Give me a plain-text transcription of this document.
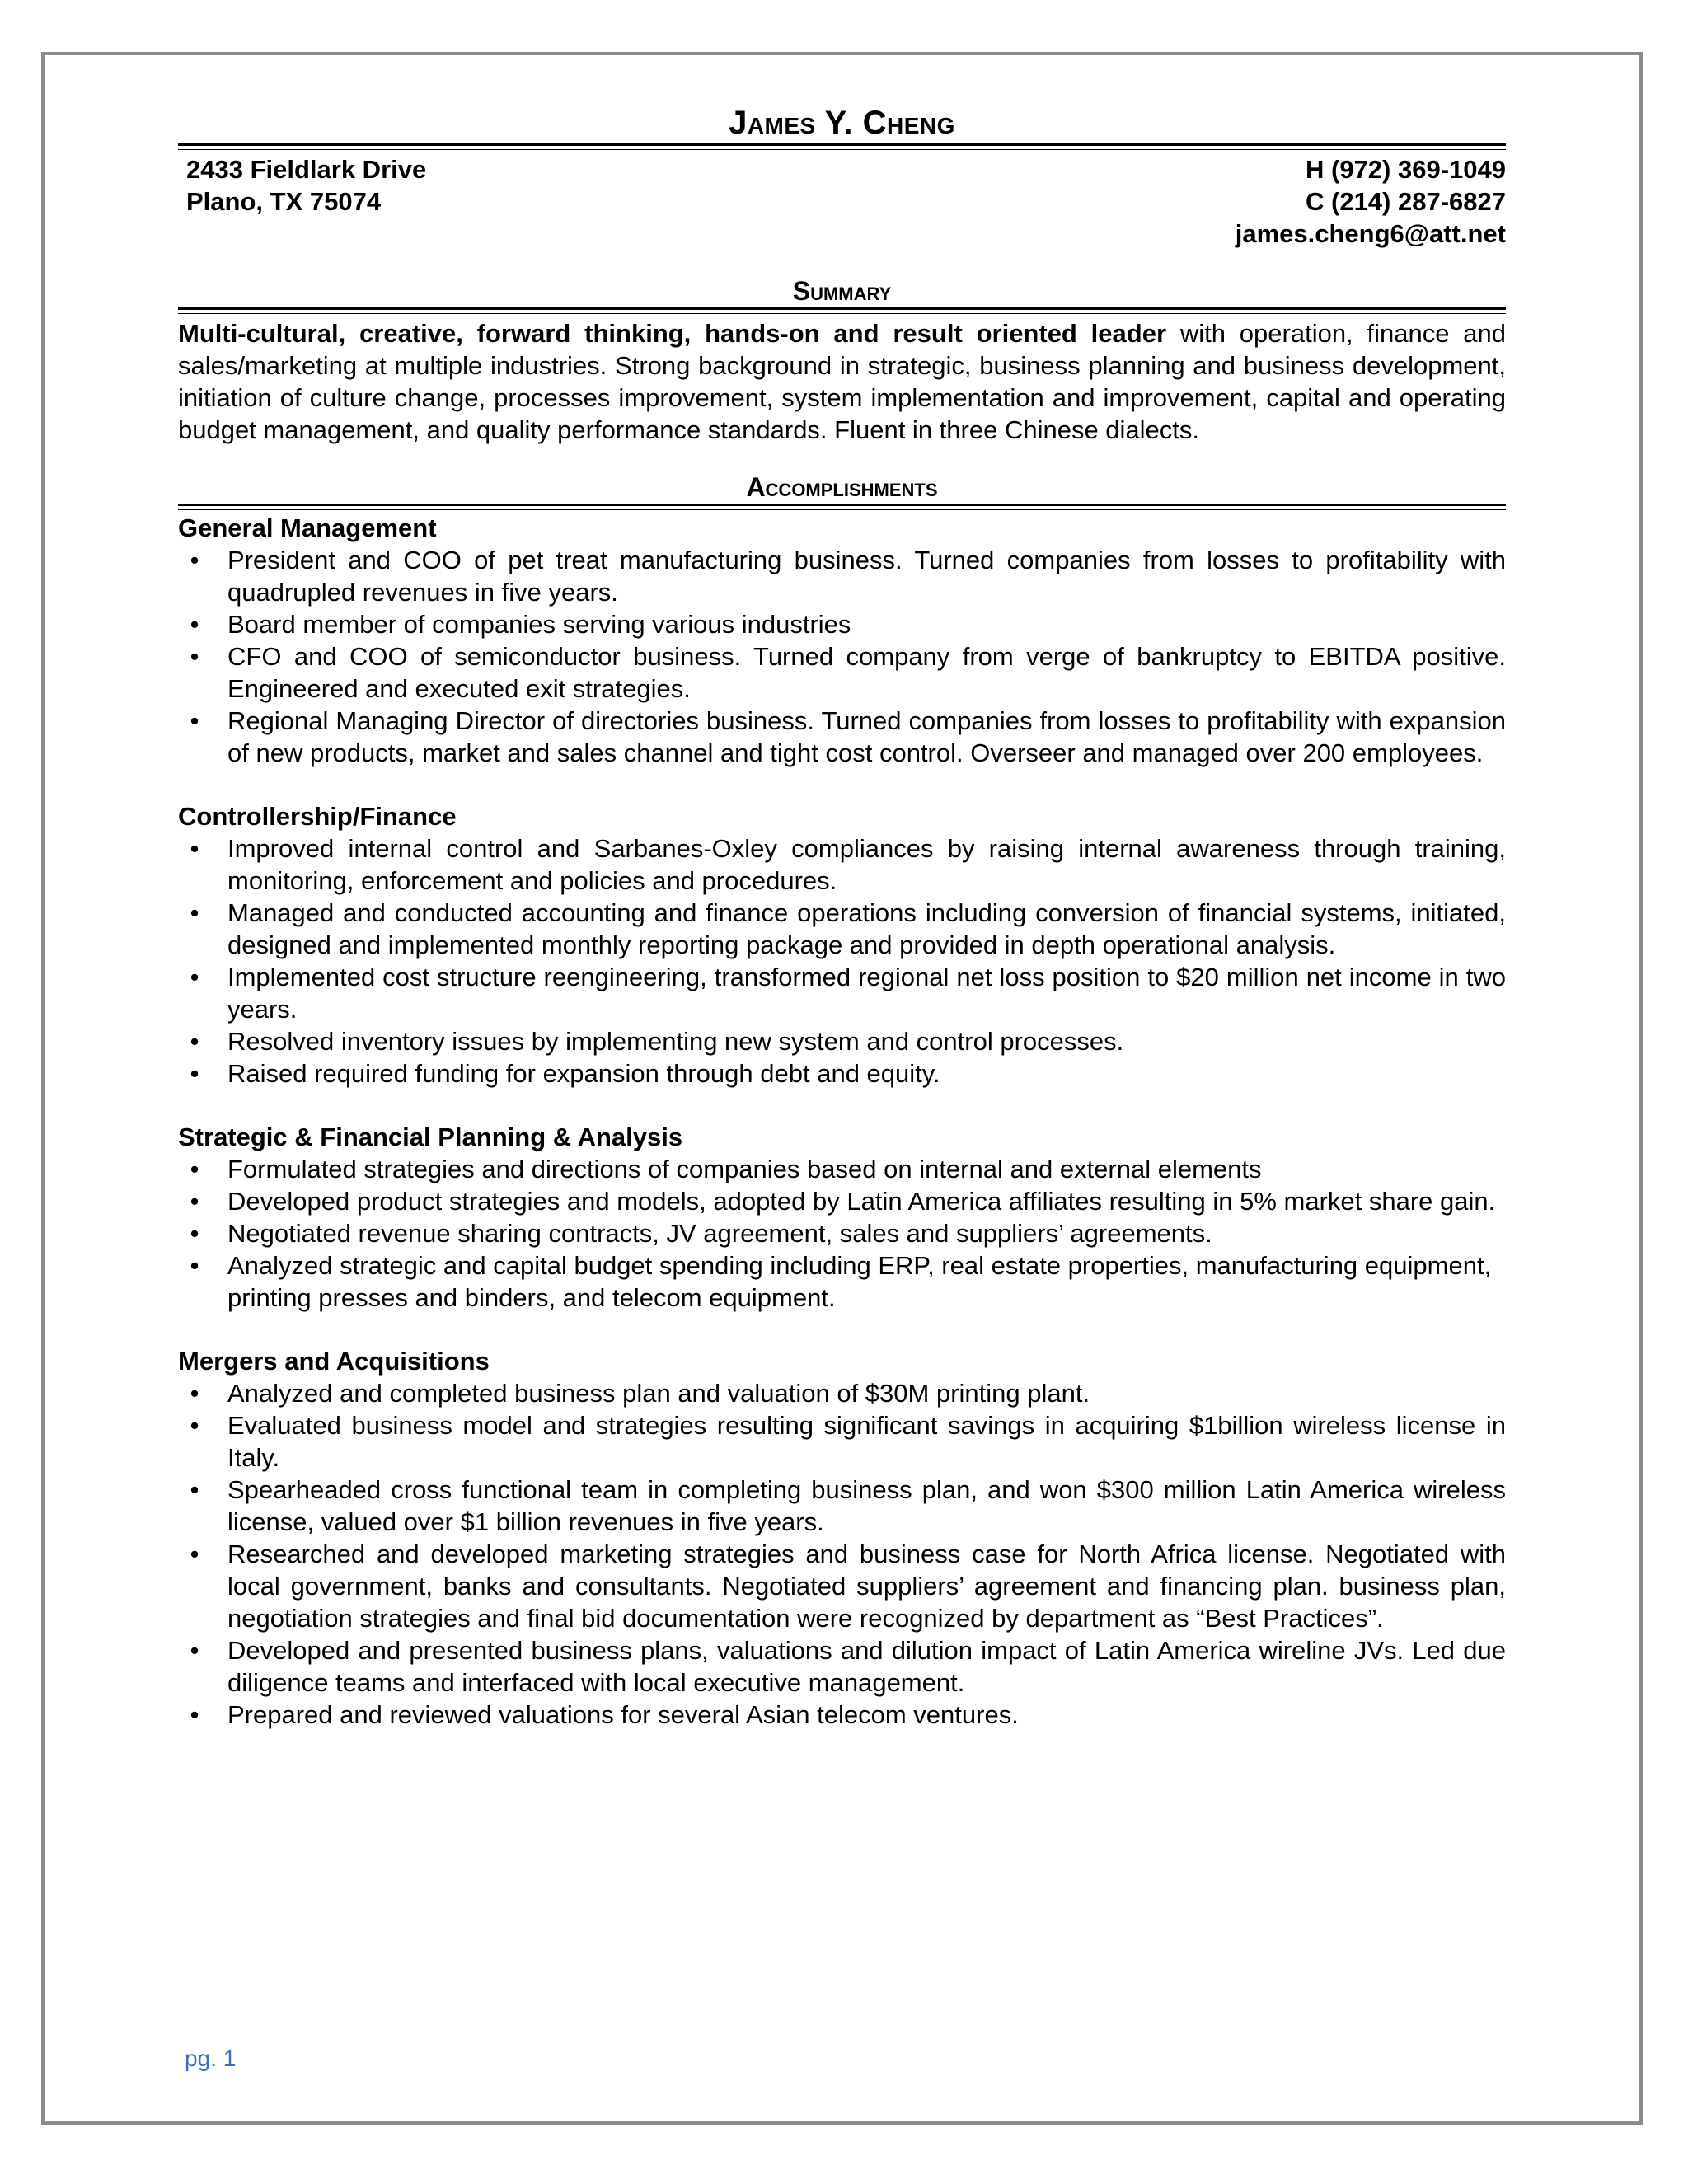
James Y. Cheng
2433 Fieldlark Drive
Plano, TX 75074
H (972) 369-1049
C (214) 287-6827
james.cheng6@att.net
Summary
Multi-cultural, creative, forward thinking, hands-on and result oriented leader with operation, finance and sales/marketing at multiple industries. Strong background in strategic, business planning and business development, initiation of culture change, processes improvement, system implementation and improvement, capital and operating budget management, and quality performance standards. Fluent in three Chinese dialects.
Accomplishments
General Management
•	President and COO of pet treat manufacturing business. Turned companies from losses to profitability with quadrupled revenues in five years.
•	Board member of companies serving various industries
•	CFO and COO of semiconductor business. Turned company from verge of bankruptcy to EBITDA positive. Engineered and executed exit strategies.
•	Regional Managing Director of directories business. Turned companies from losses to profitability with expansion of new products, market and sales channel and tight cost control. Overseer and managed over 200 employees.
Controllership/Finance
•	Improved internal control and Sarbanes-Oxley compliances by raising internal awareness through training, monitoring, enforcement and policies and procedures.
•	Managed and conducted accounting and finance operations including conversion of financial systems, initiated, designed and implemented monthly reporting package and provided in depth operational analysis.
•	Implemented cost structure reengineering, transformed regional net loss position to $20 million net income in two years.
•	Resolved inventory issues by implementing new system and control processes.
•	Raised required funding for expansion through debt and equity.
Strategic & Financial Planning & Analysis
•	Formulated strategies and directions of companies based on internal and external elements
•	Developed product strategies and models, adopted by Latin America affiliates resulting in 5% market share gain.
•	Negotiated revenue sharing contracts, JV agreement, sales and suppliers’ agreements.
•	Analyzed strategic and capital budget spending including ERP, real estate properties, manufacturing equipment, printing presses and binders, and telecom equipment.
Mergers and Acquisitions
•	Analyzed and completed business plan and valuation of $30M printing plant.
•	Evaluated business model and strategies resulting significant savings in acquiring $1billion wireless license in Italy.
•	Spearheaded cross functional team in completing business plan, and won $300 million Latin America wireless license, valued over $1 billion revenues in five years.
•	Researched and developed marketing strategies and business case for North Africa license. Negotiated with local government, banks and consultants. Negotiated suppliers’ agreement and financing plan. business plan, negotiation strategies and final bid documentation were recognized by department as “Best Practices”.
•	Developed and presented business plans, valuations and dilution impact of Latin America wireline JVs. Led due diligence teams and interfaced with local executive management.
•	Prepared and reviewed valuations for several Asian telecom ventures.
pg. 1
